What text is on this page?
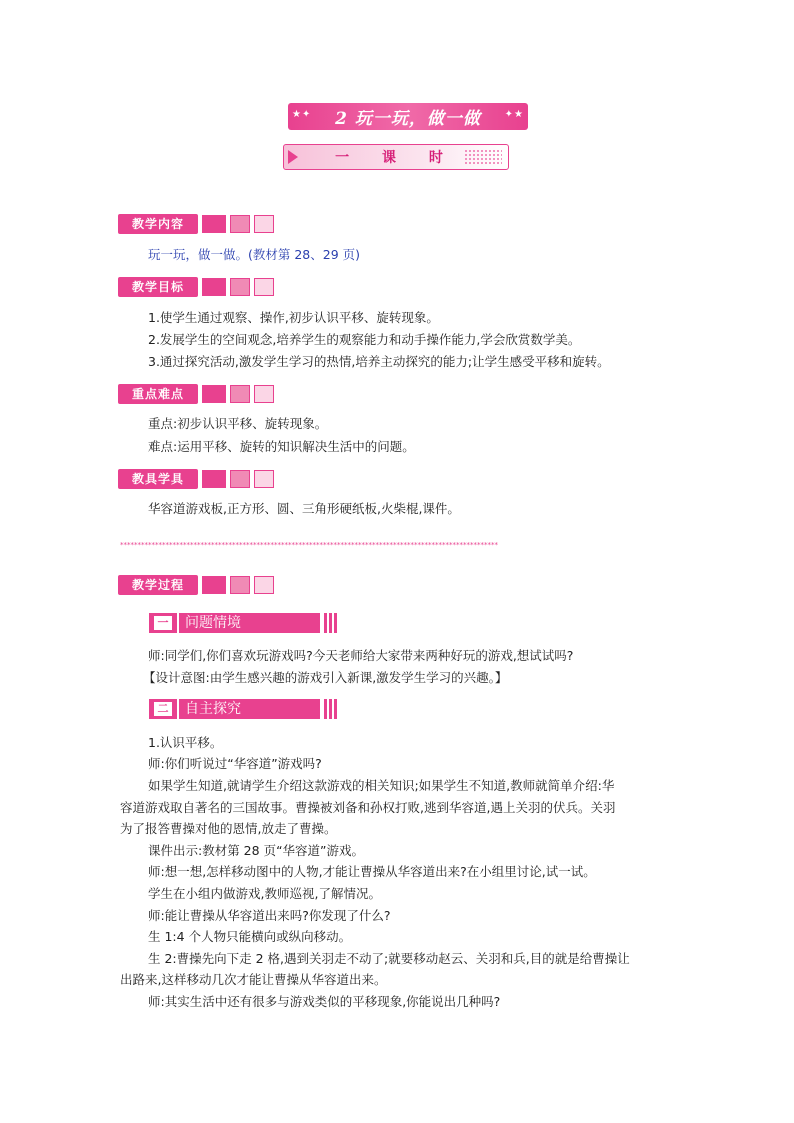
★✦ 2 玩一玩，做一做 ✦★
一 课 时
教学内容
玩一玩，做一做。(教材第 28、29 页)
教学目标
1.使学生通过观察、操作,初步认识平移、旋转现象。
2.发展学生的空间观念,培养学生的观察能力和动手操作能力,学会欣赏数学美。
3.通过探究活动,激发学生学习的热情,培养主动探究的能力;让学生感受平移和旋转。
重点难点
重点:初步认识平移、旋转现象。
难点:运用平移、旋转的知识解决生活中的问题。
教具学具
华容道游戏板,正方形、圆、三角形硬纸板,火柴棍,课件。
************************************************************************************************************
教学过程
一	问题情境
师:同学们,你们喜欢玩游戏吗?今天老师给大家带来两种好玩的游戏,想试试吗?
【设计意图:由学生感兴趣的游戏引入新课,激发学生学习的兴趣。】
二	自主探究
1.认识平移。
师:你们听说过“华容道”游戏吗?
如果学生知道,就请学生介绍这款游戏的相关知识;如果学生不知道,教师就简单介绍:华
容道游戏取自著名的三国故事。曹操被刘备和孙权打败,逃到华容道,遇上关羽的伏兵。关羽
为了报答曹操对他的恩情,放走了曹操。
课件出示:教材第 28 页“华容道”游戏。
师:想一想,怎样移动图中的人物,才能让曹操从华容道出来?在小组里讨论,试一试。
学生在小组内做游戏,教师巡视,了解情况。
师:能让曹操从华容道出来吗?你发现了什么?
生 1:4 个人物只能横向或纵向移动。
生 2:曹操先向下走 2 格,遇到关羽走不动了;就要移动赵云、关羽和兵,目的就是给曹操让
出路来,这样移动几次才能让曹操从华容道出来。
师:其实生活中还有很多与游戏类似的平移现象,你能说出几种吗?
